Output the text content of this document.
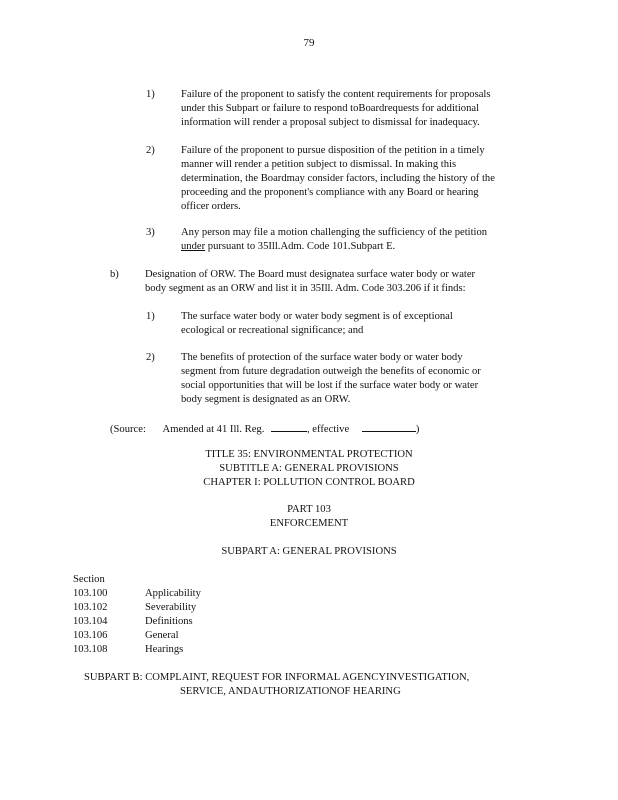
79
1) Failure of the proponent to satisfy the content requirements for proposals
under this Subpart or failure to respond toBoardrequests for additional
information will render a proposal subject to dismissal for inadequacy.
2) Failure of the proponent to pursue disposition of the petition in a timely
manner will render a petition subject to dismissal. In making this
determination, the Boardmay consider factors, including the history of the
proceeding and the proponent's compliance with any Board or hearing
officer orders.
3) Any person may file a motion challenging the sufficiency of the petition
under pursuant to 35Ill.Adm. Code 101.Subpart E.
b) Designation of ORW. The Board must designatea surface water body or water
body segment as an ORW and list it in 35Ill. Adm. Code 303.206 if it finds:
1) The surface water body or water body segment is of exceptional
ecological or recreational significance; and
2) The benefits of protection of the surface water body or water body
segment from future degradation outweigh the benefits of economic or
social opportunities that will be lost if the surface water body or water
body segment is designated as an ORW.
(Source: Amended at 41 Ill. Reg.	, effective	)
TITLE 35: ENVIRONMENTAL PROTECTION
SUBTITLE A: GENERAL PROVISIONS
CHAPTER I: POLLUTION CONTROL BOARD
PART 103
ENFORCEMENT
SUBPART A: GENERAL PROVISIONS
Section
103.100	Applicability
103.102	Severability
103.104	Definitions
103.106	General
103.108	Hearings
SUBPART B: COMPLAINT, REQUEST FOR INFORMAL AGENCYINVESTIGATION,
SERVICE, ANDAUTHORIZATIONOF HEARING
